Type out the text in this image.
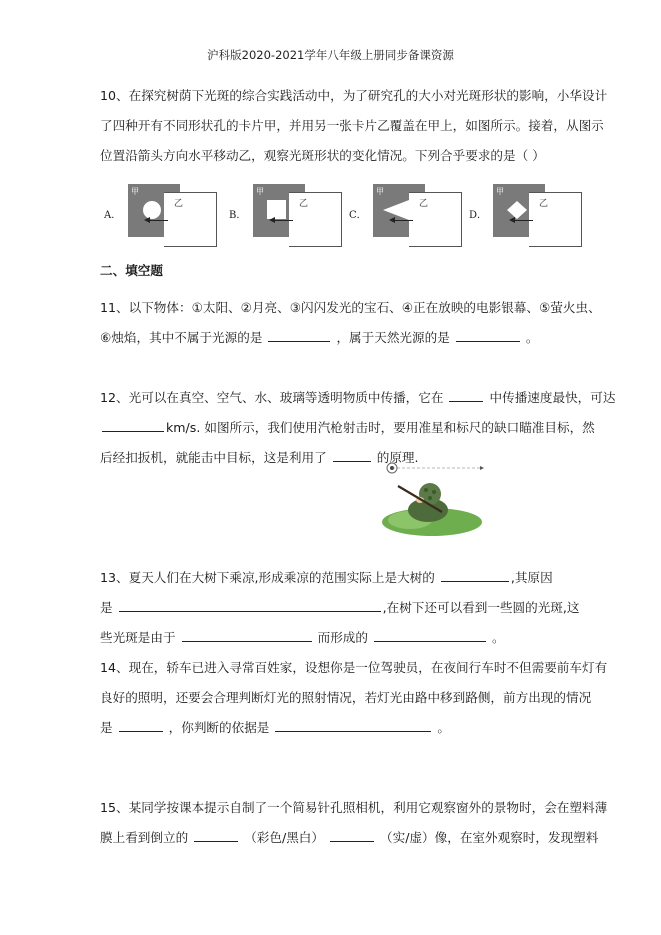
沪科版2020-2021学年八年级上册同步备课资源
10、在探究树荫下光斑的综合实践活动中，为了研究孔的大小对光斑形状的影响，小华设计
了四种开有不同形状孔的卡片甲，并用另一张卡片乙覆盖在甲上，如图所示。接着，从图示
位置沿箭头方向水平移动乙，观察光斑形状的变化情况。下列合乎要求的是（ ）
A．
甲
乙
B．
甲
乙
C．
甲
乙
D．
甲
乙
二、填空题
11、以下物体：①太阳、②月亮、③闪闪发光的宝石、④正在放映的电影银幕、⑤萤火虫、
⑥烛焰，其中不属于光源的是	，属于天然光源的是	。
12、光可以在真空、空气、水、玻璃等透明物质中传播，它在	中传播速度最快，可达
km/s. 如图所示，我们使用汽枪射击时，要用准星和标尺的缺口瞄准目标，然
后经扣扳机，就能击中目标，这是利用了	的原理.
13、夏天人们在大树下乘凉,形成乘凉的范围实际上是大树的	,其原因
是	,在树下还可以看到一些圆的光斑,这
些光斑是由于	而形成的	。
14、现在，轿车已进入寻常百姓家，设想你是一位驾驶员，在夜间行车时不但需要前车灯有
良好的照明，还要会合理判断灯光的照射情况，若灯光由路中移到路侧，前方出现的情况
是	，你判断的依据是	。
15、某同学按课本提示自制了一个简易针孔照相机，利用它观察窗外的景物时，会在塑料薄
膜上看到倒立的	（彩色/黑白）	（实/虚）像，在室外观察时，发现塑料
